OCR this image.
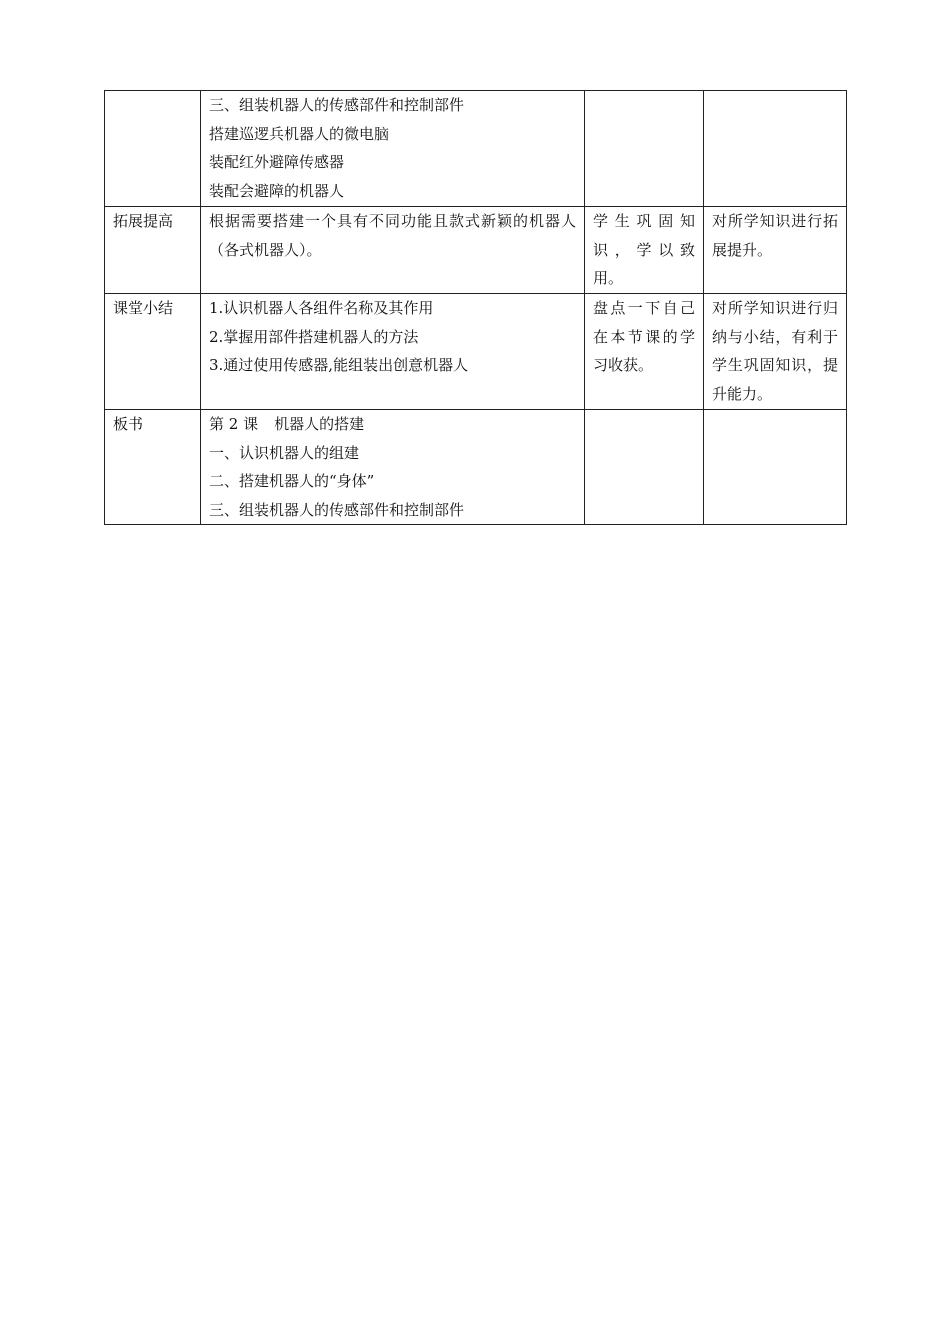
	三、组装机器人的传感部件和控制部件
搭建巡逻兵机器人的微电脑
装配红外避障传感器
装配会避障的机器人		

拓展提高	根据需要搭建一个具有不同功能且款式新颖的机器人（各式机器人）。	学 生 巩 固 知 识 ， 学 以 致 用。	对所学知识进行拓展提升。

课堂小结	1.认识机器人各组件名称及其作用
2.掌握用部件搭建机器人的方法
3.通过使用传感器,能组装出创意机器人	盘点一下自己在本节课的学习收获。	对所学知识进行归纳与小结，有利于学生巩固知识，提升能力。

板书	第 2 课 机器人的搭建
一、认识机器人的组建
二、搭建机器人的“身体”
三、组装机器人的传感部件和控制部件		
